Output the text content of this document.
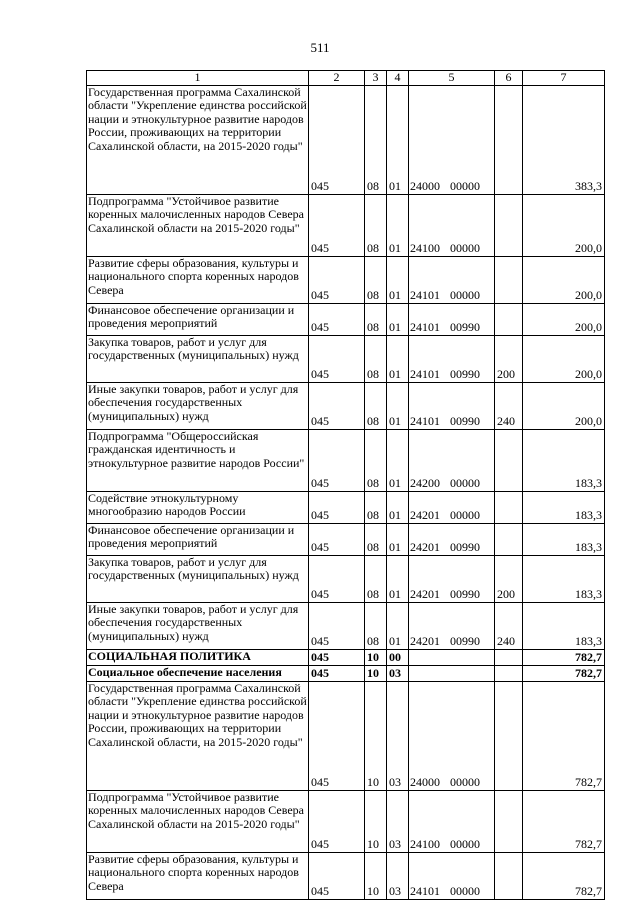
511
1	2	3	4	5	6	7
Государственная программа Сахалинской области "Укрепление единства российской нации и этнокультурное развитие народов России, проживающих на территории Сахалинской области, на 2015-2020 годы"	045	08	01	24000 00000		383,3
Подпрограмма "Устойчивое развитие коренных малочисленных народов Севера Сахалинской области на 2015-2020 годы"	045	08	01	24100 00000		200,0
Развитие сферы образования, культуры и национального спорта коренных народов Севера	045	08	01	24101 00000		200,0
Финансовое обеспечение организации и проведения мероприятий	045	08	01	24101 00990		200,0
Закупка товаров, работ и услуг для государственных (муниципальных) нужд	045	08	01	24101 00990	200	200,0
Иные закупки товаров, работ и услуг для обеспечения государственных (муниципальных) нужд	045	08	01	24101 00990	240	200,0
Подпрограмма "Общероссийская гражданская идентичность и этнокультурное развитие народов России"	045	08	01	24200 00000		183,3
Содействие этнокультурному многообразию народов России	045	08	01	24201 00000		183,3
Финансовое обеспечение организации и проведения мероприятий	045	08	01	24201 00990		183,3
Закупка товаров, работ и услуг для государственных (муниципальных) нужд	045	08	01	24201 00990	200	183,3
Иные закупки товаров, работ и услуг для обеспечения государственных (муниципальных) нужд	045	08	01	24201 00990	240	183,3
СОЦИАЛЬНАЯ ПОЛИТИКА	045	10	00			782,7
Социальное обеспечение населения	045	10	03			782,7
Государственная программа Сахалинской области "Укрепление единства российской нации и этнокультурное развитие народов России, проживающих на территории Сахалинской области, на 2015-2020 годы"	045	10	03	24000 00000		782,7
Подпрограмма "Устойчивое развитие коренных малочисленных народов Севера Сахалинской области на 2015-2020 годы"	045	10	03	24100 00000		782,7
Развитие сферы образования, культуры и национального спорта коренных народов Севера	045	10	03	24101 00000		782,7
